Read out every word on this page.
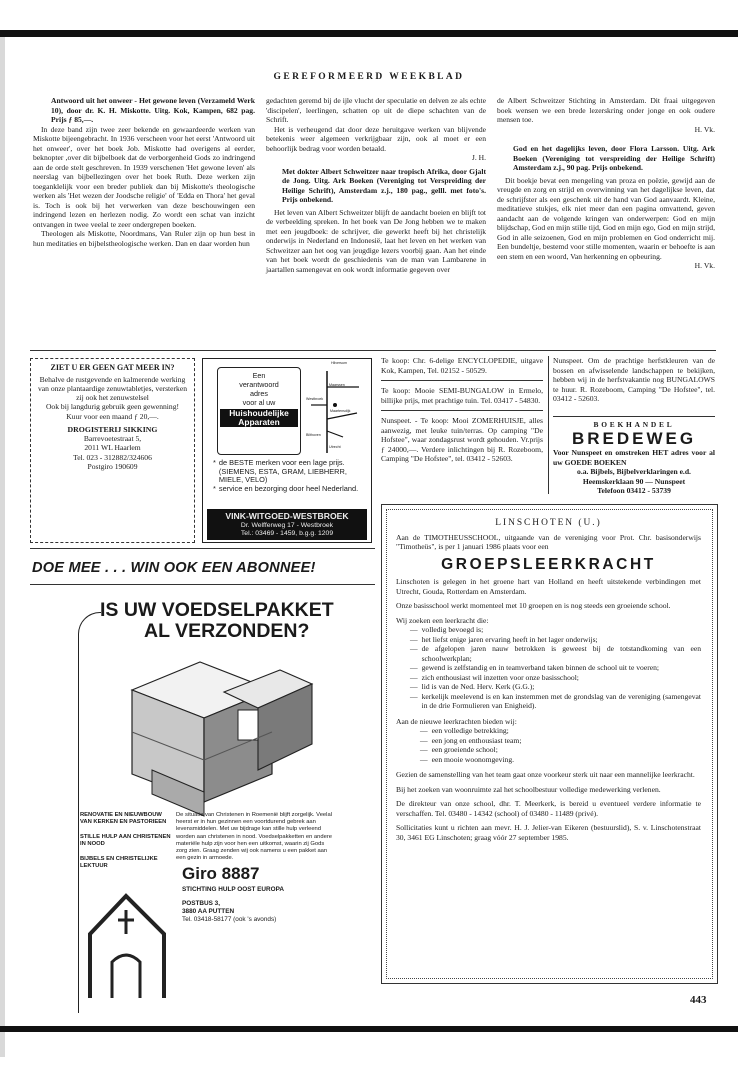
GEREFORMEERD WEEKBLAD

Antwoord uit het onweer - Het gewone leven (Verzameld Werk 10), door dr. K. H. Miskotte. Uitg. Kok, Kampen, 682 pag. Prijs ƒ 85,—.

In deze band zijn twee zeer bekende en gewaardeerde werken van Miskotte bijeengebracht. In 1936 verscheen voor het eerst 'Antwoord uit het onweer', over het boek Job. Miskotte had overigens al eerder, beknopter ,over dit bijbelboek dat de verborgenheid Gods zo indringend aan de orde stelt geschreven. In 1939 verschenen 'Het gewone leven' als neerslag van bijbellezingen over het boek Ruth. Deze werken zijn toeganklelijk voor een breder publiek dan bij Miskotte's theologische werken als 'Het wezen der Joodsche religie' of 'Edda en Thora' het geval is. Toch is ook bij het verwerken van deze beschouwingen een indringend lezen en herlezen nodig. Zo wordt een schat van inzicht ontvangen in twee veelal te zeer ondergrepen boeken.

Theologen als Miskotte, Noordmans, Van Ruler zijn op hun best in hun meditaties en bijbelstheologische werken. Dan en daar worden hun

gedachten geremd bij de ijle vlucht der speculatie en delven ze als echte 'discipelen', leerlingen, schatten op uit de diepe schachten van de Schrift.

Het is verheugend dat door deze heruitgave werken van blijvende betekenis weer algemeen verkrijgbaar zijn, ook al moet er een behoorlijk bedrag voor worden betaald.

J. H.

Met dokter Albert Schweitzer naar tropisch Afrika, door Gjalt de Jong. Uitg. Ark Boeken (Vereniging tot Verspreiding der Heilige Schrift), Amsterdam z.j., 180 pag., gelll. met foto's. Prijs onbekend.

Het leven van Albert Schweitzer blijft de aandacht boeien en blijft tot de verbeelding spreken. In het boek van De Jong hebben we te maken met een jeugdboek: de schrijver, die gewerkt heeft bij het christelijk onderwijs in Nederland en Indonesië, laat het leven en het werken van Schweitzer aan het oog van jeugdige lezers voorbij gaan. Aan het einde van het boek wordt de geschiedenis van de man van Lambarene in jaartallen samengevat en ook wordt informatie gegeven over

de Albert Schweitzer Stichting in Amsterdam. Dit fraai uitgegeven boek wensen we een brede lezerskring onder jonge en ook oudere mensen toe.

H. Vk.

God en het dagelijks leven, door Flora Larsson. Uitg. Ark Boeken (Vereniging tot verspreiding der Heilige Schrift) Amsterdam z.j., 90 pag. Prijs onbekend.

Dit boekje bevat een mengeling van proza en poëzie, gewijd aan de vreugde en zorg en strijd en overwinning van het dagelijkse leven, dat de schrijfster als een geschenk uit de hand van God aanvaardt. Kleine, meditatieve stukjes, elk niet meer dan een pagina omvattend, geven aandacht aan de volgende kringen van onderwerpen: God en mijn blijdschap, God en mijn stille tijd, God en mijn ego, God en mijn strijd, God in alle seizoenen, God en mijn problemen en God onderricht mij. Een bundeltje, bestemd voor stille momenten, waarin er behoefte is aan een stem en een woord, Van herkenning en opbeuring.

H. Vk.

ZIET U ER GEEN GAT MEER IN?
Behalve de rustgevende en kalmerende werking van onze plantaardige zenuwtabletjes, versterken zij ook het zenuwstelsel
Ook bij langdurig gebruik geen gewenning!
Kuur voor een maand ƒ 20,—.
DROGISTERIJ SIKKING
Barrevoetestraat 5,
2011 WL Haarlem
Tel. 023 - 312882/324606
Postgiro 190609
Een
verantwoord
adres
voor al uw
Huishoudelijke
Apparaten
Hilversum
Maarssen
Westbroek
Maartensdijk
Bilthoven
Utrecht
* de BESTE merken voor een lage prijs. (SIEMENS, ESTA, GRAM, LIEBHERR, MIELE, VELO)
* service en bezorging door heel Nederland.
VINK-WITGOED-WESTBROEK
Dr. Welfferweg 17 - Westbroek
Tel.: 03469 - 1459, b.g.g. 1209

Te koop: Chr. 6-delige ENCYCLOPEDIE, uitgave Kok, Kampen, Tel. 02152 - 50529.

Te koop: Mooie SEMI-BUNGALOW in Ermelo, billijke prijs, met prachtige tuin. Tel. 03417 - 54830.

Nunspeet. - Te koop: Mooi ZOMERHUISJE, alles aanwezig, met leuke tuin/terras. Op camping "De Hofstee", waar zondagsrust wordt gehouden. Vr.prijs ƒ 24000,—. Verdere inlichtingen bij R. Rozeboom, Camping "De Hofstee", tel. 03412 - 52603.

Nunspeet. Om de prachtige herfstkleuren van de bossen en afwisselende landschappen te bekijken, hebben wij in de herfstvakantie nog BUNGALOWS te huur. R. Rozeboom, Camping "De Hofstee", tel. 03412 - 52603.

BOEKHANDEL
BREDEWEG
Voor Nunspeet en omstreken HET adres voor al uw GOEDE BOEKEN
o.a. Bijbels, Bijbelverklaringen e.d.
Heemskerklaan 90 — Nunspeet
Telefoon 03412 - 53739
DOE MEE . . . WIN OOK EEN ABONNEE!
IS UW VOEDSELPAKKET
AL VERZONDEN?
RENOVATIE EN NIEUWBOUW VAN KERKEN EN PASTORIEEN
STILLE HULP AAN CHRISTENEN IN NOOD
BIJBELS EN CHRISTELIJKE LEKTUUR
De situatie van Christenen in Roemenië blijft zorgelijk. Veelal heerst er in hun gezinnen een voortdurend gebrek aan levensmiddelen. Met uw bijdrage kan stille hulp verleend worden aan christenen in nood. Voedselpakketten en andere materiële hulp zijn voor hen een uitkomst, waarin zij Gods zorg zien. Graag zenden wij ook namens u een pakket aan een gezin in armoede.
Giro 8887
STICHTING HULP OOST EUROPA
POSTBUS 3,
3880 AA PUTTEN
Tel. 03418-58177 (ook 's avonds)
LINSCHOTEN (U.)

Aan de TIMOTHEUSSCHOOL, uitgaande van de vereniging voor Prot. Chr. basisonderwijs "Timotheüs", is per 1 januari 1986 plaats voor een

GROEPSLEERKRACHT

Linschoten is gelegen in het groene hart van Holland en heeft uitstekende verbindingen met Utrecht, Gouda, Rotterdam en Amsterdam.

Onze basisschool werkt momenteel met 10 groepen en is nog steeds een groeiende school.

Wij zoeken een leerkracht die:

— volledig bevoegd is;
— het liefst enige jaren ervaring heeft in het lager onderwijs;
— de afgelopen jaren nauw betrokken is geweest bij de totstandkoming van een schoolwerkplan;
— gewend is zelfstandig en in teamverband taken binnen de school uit te voeren;
— zich enthousiast wil inzetten voor onze basisschool;
— lid is van de Ned. Herv. Kerk (G.G.);
— kerkelijk meelevend is en kan instemmen met de grondslag van de vereniging (samengevat in de drie Formulieren van Enigheid).

Aan de nieuwe leerkrachten bieden wij:

— een volledige betrekking;
— een jong en enthousiast team;
— een groeiende school;
— een mooie woonomgeving.

Gezien de samenstelling van het team gaat onze voorkeur sterk uit naar een mannelijke leerkracht.

Bij het zoeken van woonruimte zal het schoolbestuur volledige medewerking verlenen.

De direkteur van onze school, dhr. T. Meerkerk, is bereid u eventueel verdere informatie te verschaffen. Tel. 03480 - 14342 (school) of 03480 - 11489 (privé).

Sollicitaties kunt u richten aan mevr. H. J. Jelier-van Eikeren (bestuurslid), S. v. Linschotenstraat 30, 3461 EG Linschoten; graag vóór 27 september 1985.

443
